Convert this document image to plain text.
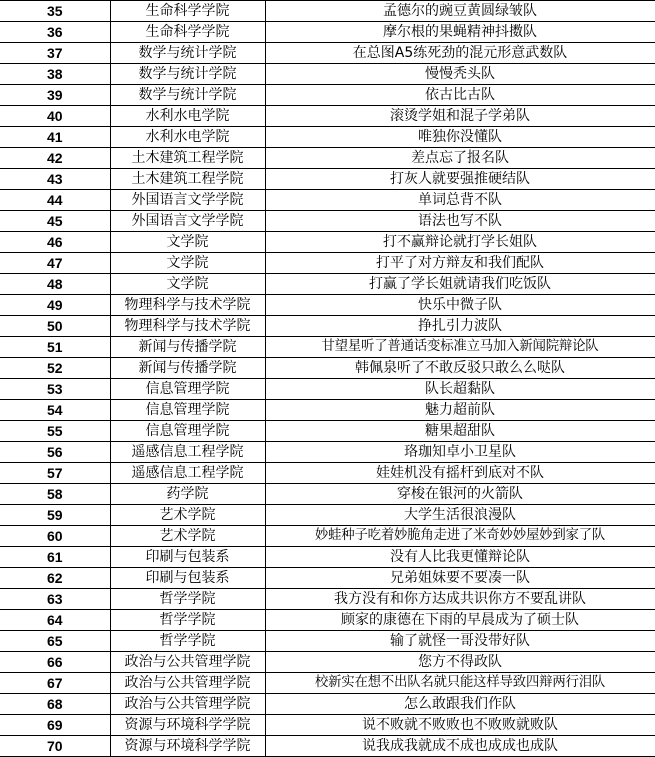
35	生命科学学院	孟德尔的豌豆黄圆绿皱队
36	生命科学学院	摩尔根的果蝇精神抖擞队
37	数学与统计学院	在总图A5练死劲的混元形意武数队
38	数学与统计学院	慢慢秃头队
39	数学与统计学院	依古比古队
40	水利水电学院	滚烫学姐和混子学弟队
41	水利水电学院	唯独你没懂队
42	土木建筑工程学院	差点忘了报名队
43	土木建筑工程学院	打灰人就要强推硬结队
44	外国语言文学学院	单词总背不队
45	外国语言文学学院	语法也写不队
46	文学院	打不赢辩论就打学长姐队
47	文学院	打平了对方辩友和我们配队
48	文学院	打赢了学长姐就请我们吃饭队
49	物理科学与技术学院	快乐中微子队
50	物理科学与技术学院	挣扎引力波队
51	新闻与传播学院	甘望星听了普通话变标准立马加入新闻院辩论队
52	新闻与传播学院	韩佩泉听了不敢反驳只敢么么哒队
53	信息管理学院	队长超黏队
54	信息管理学院	魅力超前队
55	信息管理学院	糖果超甜队
56	遥感信息工程学院	珞珈知卓小卫星队
57	遥感信息工程学院	娃娃机没有摇杆到底对不队
58	药学院	穿梭在银河的火箭队
59	艺术学院	大学生活很浪漫队
60	艺术学院	妙蛙种子吃着妙脆角走进了米奇妙妙屋妙到家了队
61	印刷与包装系	没有人比我更懂辩论队
62	印刷与包装系	兄弟姐妹要不要凑一队
63	哲学学院	我方没有和你方达成共识你方不要乱讲队
64	哲学学院	顾家的康德在下雨的早晨成为了硕士队
65	哲学学院	输了就怪一哥没带好队
66	政治与公共管理学院	您方不得政队
67	政治与公共管理学院	校新实在想不出队名就只能这样导致四辩两行泪队
68	政治与公共管理学院	怎么敢跟我们作队
69	资源与环境科学学院	说不败就不败败也不败败就败队
70	资源与环境科学学院	说我成我就成不成也成成也成队
